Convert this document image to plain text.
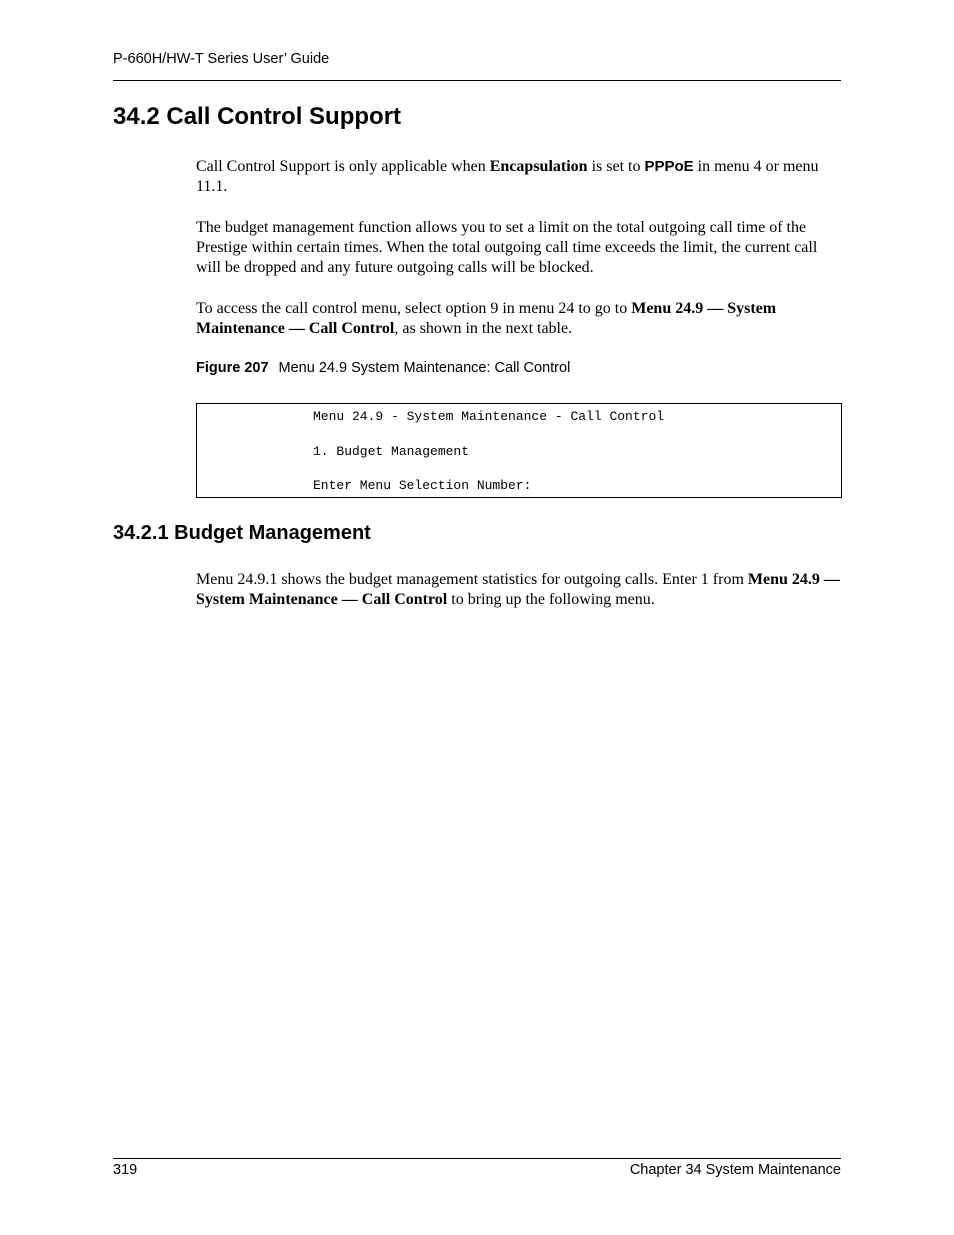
P-660H/HW-T Series User’ Guide
34.2 Call Control Support

Call Control Support is only applicable when Encapsulation is set to PPPoE in menu 4 or menu 11.1.

The budget management function allows you to set a limit on the total outgoing call time of the Prestige within certain times. When the total outgoing call time exceeds the limit, the current call will be dropped and any future outgoing calls will be blocked.

To access the call control menu, select option 9 in menu 24 to go to Menu 24.9 — System Maintenance — Call Control, as shown in the next table.

Figure 207 Menu 24.9 System Maintenance: Call Control
Menu 24.9 - System Maintenance - Call Control
1. Budget Management
Enter Menu Selection Number:
34.2.1 Budget Management

Menu 24.9.1 shows the budget management statistics for outgoing calls. Enter 1 from Menu 24.9 — System Maintenance — Call Control to bring up the following menu.

319	Chapter 34 System Maintenance
